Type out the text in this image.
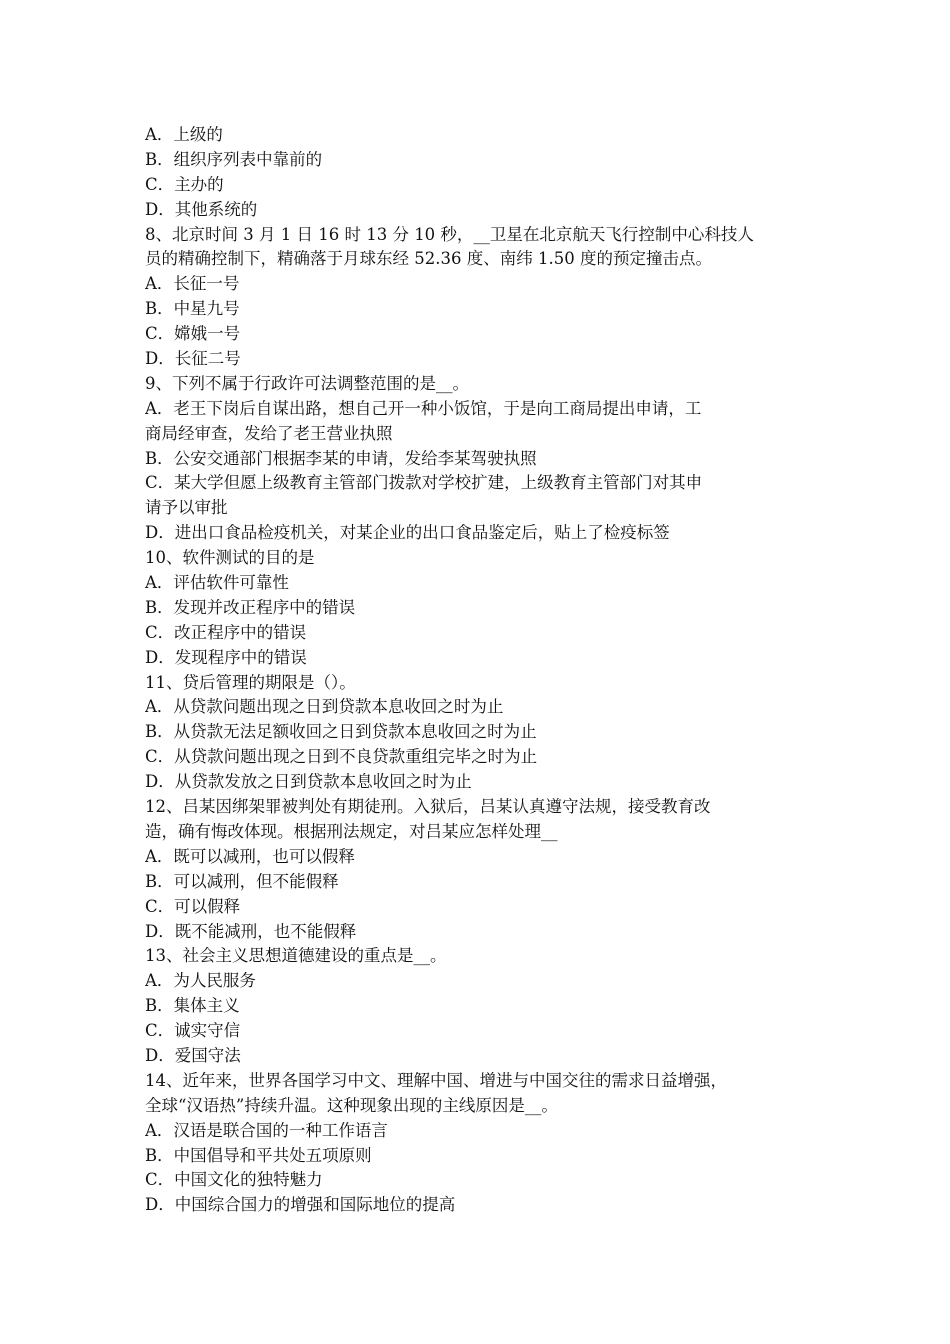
A．上级的
B．组织序列表中靠前的
C．主办的
D．其他系统的
8、北京时间 3 月 1 日 16 时 13 分 10 秒，__卫星在北京航天飞行控制中心科技人
员的精确控制下，精确落于月球东经 52.36 度、南纬 1.50 度的预定撞击点。
A．长征一号
B．中星九号
C．嫦娥一号
D．长征二号
9、下列不属于行政许可法调整范围的是__。
A．老王下岗后自谋出路，想自己开一种小饭馆，于是向工商局提出申请，工
商局经审查，发给了老王营业执照
B．公安交通部门根据李某的申请，发给李某驾驶执照
C．某大学但愿上级教育主管部门拨款对学校扩建，上级教育主管部门对其申
请予以审批
D．进出口食品检疫机关，对某企业的出口食品鉴定后，贴上了检疫标签
10、软件测试的目的是
A．评估软件可靠性
B．发现并改正程序中的错误
C．改正程序中的错误
D．发现程序中的错误
11、贷后管理的期限是（）。
A．从贷款问题出现之日到贷款本息收回之时为止
B．从贷款无法足额收回之日到贷款本息收回之时为止
C．从贷款问题出现之日到不良贷款重组完毕之时为止
D．从贷款发放之日到贷款本息收回之时为止
12、吕某因绑架罪被判处有期徒刑。入狱后，吕某认真遵守法规，接受教育改
造，确有悔改体现。根据刑法规定，对吕某应怎样处理__
A．既可以减刑，也可以假释
B．可以减刑，但不能假释
C．可以假释
D．既不能减刑，也不能假释
13、社会主义思想道德建设的重点是__。
A．为人民服务
B．集体主义
C．诚实守信
D．爱国守法
14、近年来，世界各国学习中文、理解中国、增进与中国交往的需求日益增强，
全球“汉语热”持续升温。这种现象出现的主线原因是__。
A．汉语是联合国的一种工作语言
B．中国倡导和平共处五项原则
C．中国文化的独特魅力
D．中国综合国力的增强和国际地位的提高
